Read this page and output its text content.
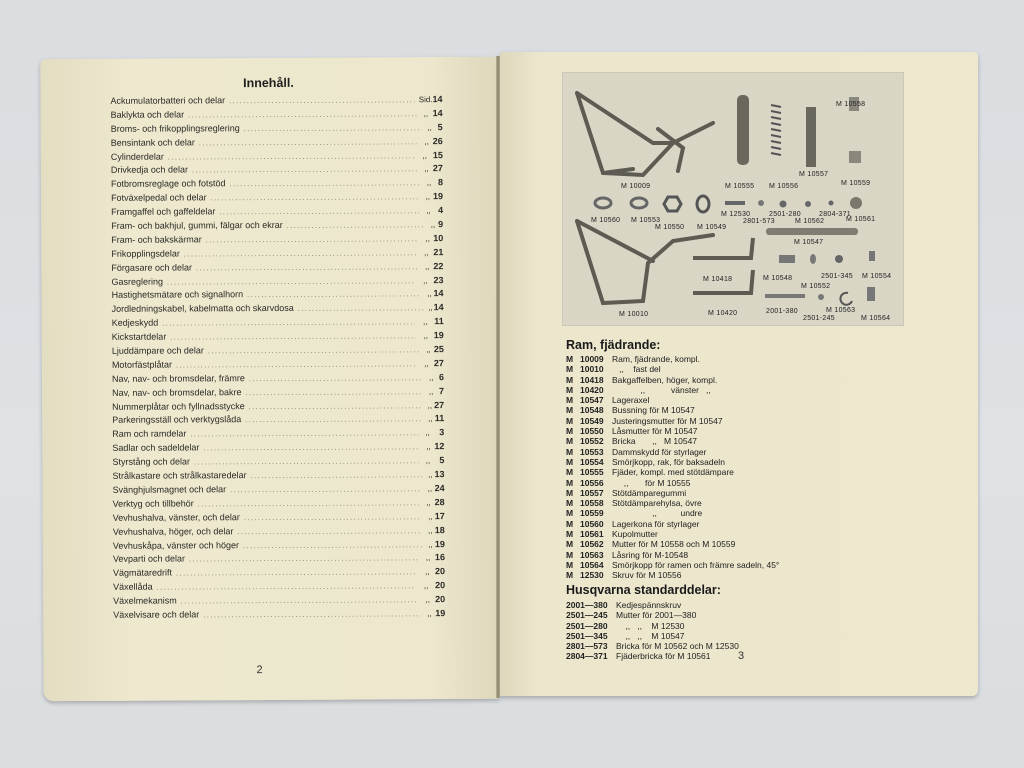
Innehåll.
Ackumulatorbatteri och delar .....	Sid. 14
Baklykta och delar .....	,, 14
Broms- och frikopplingsreglering .....	,, 5
Bensintank och delar .....	,, 26
Cylinderdelar .....	,, 15
Drivkedja och delar .....	,, 27
Fotbromsreglage och fotstöd .....	,, 8
Fotväxelpedal och delar .....	,, 19
Framgaffel och gaffeldelar .....	,, 4
Fram- och bakhjul, gummi, fälgar och ekrar .....	,, 9
Fram- och bakskärmar .....	,, 10
Frikopplingsdelar .....	,, 21
Förgasare och delar .....	,, 22
Gasreglering .....	,, 23
Hastighetsmätare och signalhorn .....	,, 14
Jordledningskabel, kabelmatta och skarvdosa .....	,, 14
Kedjeskydd .....	,, 11
Kickstartdelar .....	,, 19
Ljuddämpare och delar .....	,, 25
Motorfästplåtar .....	,, 27
Nav, nav- och bromsdelar, främre .....	,, 6
Nav, nav- och bromsdelar, bakre .....	,, 7
Nummerplåtar och fyllnadsstycke .....	,, 27
Parkeringsställ och verktygslåda .....	,, 11
Ram och ramdelar .....	,,	3
Sadlar och sadeldelar .....	,, 12
Styrstång och delar .....	,,	5
Strålkastare och strålkastaredelar .....	,, 13
Svänghjulsmagnet och delar .....	,, 24
Verktyg och tillbehör .....	,, 28
Vevhushalva, vänster, och delar .....	,, 17
Vevhushalva, höger, och delar .....	,, 18
Vevhuskåpa, vänster och höger .....	,, 19
Vevparti och delar .....	,, 16
Vägmätaredrift .....	,, 20
Växellåda .....	,, 20
Växelmekanism .....	,, 20
Växelvisare och delar .....	,, 19
2
M 10558
M 10009	M 10555 M 10556
M 10557
M 10559
M 10560 M 10553
M 10550 M 10549
M 12530	2501-280
2801-573	M 10562
2804-371
M 10561
M 10547
M 10418	M 10548	2501-345 M 10554
M 10552
M 10010	M 10420	2001-380	M 10563
2501-245	M 10564
Ram, fjädrande:
M 10009 Ram, fjädrande, kompl.
M 10010 ,,    fast del
M 10418 Bakgaffelben, höger, kompl.
M 10420 ,,           vänster   ,,
M 10547 Lageraxel
M 10548 Bussning för M 10547
M 10549 Justeringsmutter för M 10547
M 10550 Låsmutter för M 10547
M 10552 Bricka       ,,   M 10547
M 10553 Dammskydd för styrlager
M 10554 Smörjkopp, rak, för baksadeln
M 10555 Fjäder, kompl. med stötdämpare
M 10556 ,,       för M 10555
M 10557 Stötdämparegummi
M 10558 Stötdämparehylsa, övre
M 10559 ,,          undre
M 10560 Lagerkona för styrlager
M 10561 Kupolmutter
M 10562 Mutter för M 10558 och M 10559
M 10563 Låsring för M-10548
M 10564 Smörjkopp för ramen och främre sadeln, 45°
M 12530 Skruv för M 10556
Husqvarna standarddelar:
2001—380 Kedjespännskruv
2501—245 Mutter för 2001—380
2501—280 ,,   ,,    M 12530
2501—345 ,,   ,,    M 10547
2801—573 Bricka för M 10562 och M 12530
2804—371 Fjäderbricka för M 10561	3
